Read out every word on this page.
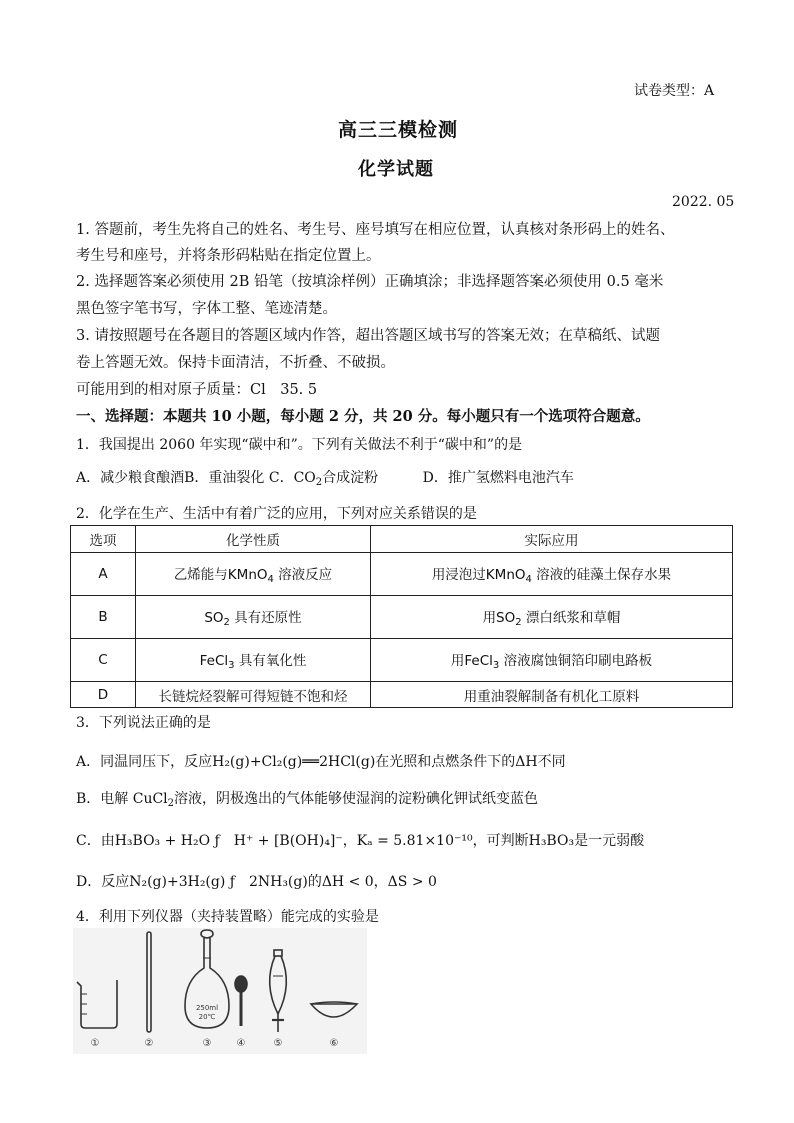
试卷类型：A
高三三模检测
化学试题
2022. 05
1. 答题前，考生先将自己的姓名、考生号、座号填写在相应位置，认真核对条形码上的姓名、
考生号和座号，并将条形码粘贴在指定位置上。
2. 选择题答案必须使用 2B 铅笔（按填涂样例）正确填涂；非选择题答案必须使用 0.5 毫米
黑色签字笔书写，字体工整、笔迹清楚。
3. 请按照题号在各题目的答题区域内作答，超出答题区域书写的答案无效；在草稿纸、试题
卷上答题无效。保持卡面清洁，不折叠、不破损。
可能用到的相对原子质量：Cl　35. 5
一、选择题：本题共 10 小题，每小题 2 分，共 20 分。每小题只有一个选项符合题意。
1．我国提出 2060 年实现“碳中和”。下列有关做法不利于“碳中和”的是
A．减少粮食酿酒B．重油裂化 C．$CO_2$合成淀粉	D．推广氢燃料电池汽车
2．化学在生产、生活中有着广泛的应用，下列对应关系错误的是
选项	化学性质	实际应用
A	乙烯能与KMnO$_4$ 溶液反应	用浸泡过KMnO$_4$ 溶液的硅藻土保存水果
B	$SO_2$ 具有还原性	用$SO_2$ 漂白纸浆和草帽
C	FeCl$_3$ 具有氧化性	用FeCl$_3$ 溶液腐蚀铜箔印刷电路板
D	长链烷烃裂解可得短链不饱和烃	用重油裂解制备有机化工原料
3．下列说法正确的是
A．同温同压下，反应H₂(g)+Cl₂(g)══2HCl(g)在光照和点燃条件下的ΔH不同
B．电解 CuCl$_2$溶液，阴极逸出的气体能够使湿润的淀粉碘化钾试纸变蓝色
C．由H₃BO₃ + H₂O ƒ　H⁺ + [B(OH)₄]⁻，Kₐ = 5.81×10⁻¹⁰，可判断H₃BO₃是一元弱酸
D．反应N₂(g)+3H₂(g) ƒ　2NH₃(g)的ΔH < 0，ΔS > 0
4．利用下列仪器（夹持装置略）能完成的实验是
250ml
20℃
①	②	③	④	⑤	⑥
